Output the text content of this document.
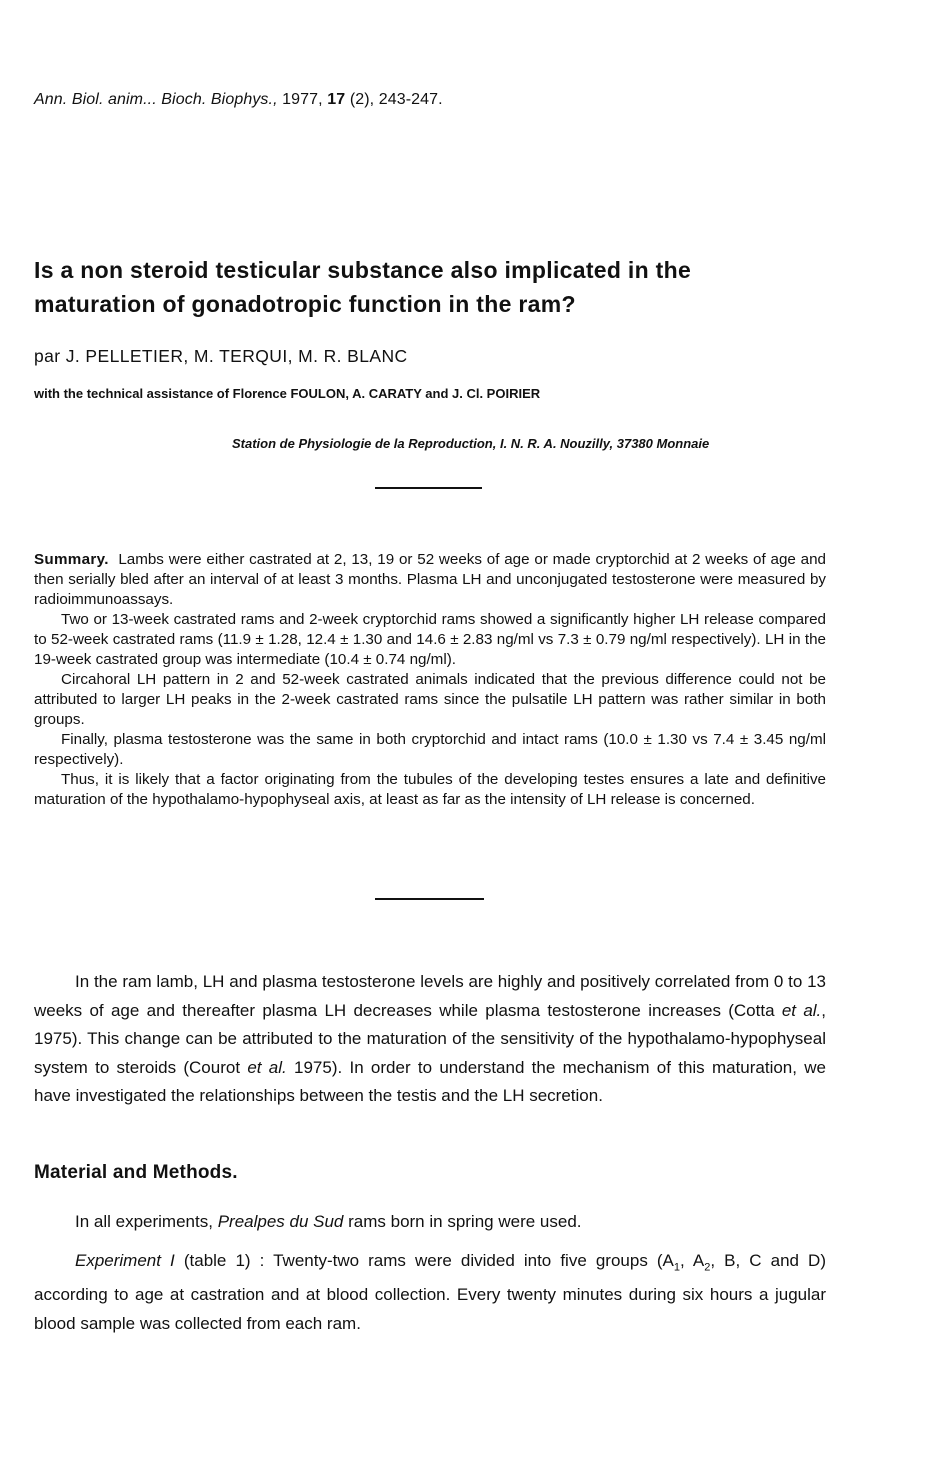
Ann. Biol. anim... Bioch. Biophys., 1977, 17 (2), 243-247.
Is a non steroid testicular substance also implicated in the maturation of gonadotropic function in the ram?
par J. PELLETIER, M. TERQUI, M. R. BLANC
with the technical assistance of Florence FOULON, A. CARATY and J. Cl. POIRIER
Station de Physiologie de la Reproduction, I. N. R. A. Nouzilly, 37380 Monnaie

Summary. Lambs were either castrated at 2, 13, 19 or 52 weeks of age or made cryptorchid at 2 weeks of age and then serially bled after an interval of at least 3 months. Plasma LH and unconjugated testosterone were measured by radioimmunoassays.

Two or 13-week castrated rams and 2-week cryptorchid rams showed a significantly higher LH release compared to 52-week castrated rams (11.9 ± 1.28, 12.4 ± 1.30 and 14.6 ± 2.83 ng/ml vs 7.3 ± 0.79 ng/ml respectively). LH in the 19-week castrated group was intermediate (10.4 ± 0.74 ng/ml).

Circahoral LH pattern in 2 and 52-week castrated animals indicated that the previous difference could not be attributed to larger LH peaks in the 2-week castrated rams since the pulsatile LH pattern was rather similar in both groups.

Finally, plasma testosterone was the same in both cryptorchid and intact rams (10.0 ± 1.30 vs 7.4 ± 3.45 ng/ml respectively).

Thus, it is likely that a factor originating from the tubules of the developing testes ensures a late and definitive maturation of the hypothalamo-hypophyseal axis, at least as far as the intensity of LH release is concerned.

In the ram lamb, LH and plasma testosterone levels are highly and positively correlated from 0 to 13 weeks of age and thereafter plasma LH decreases while plasma testosterone increases (Cotta et al., 1975). This change can be attributed to the maturation of the sensitivity of the hypothalamo-hypophyseal system to steroids (Courot et al. 1975). In order to understand the mechanism of this maturation, we have investigated the relationships between the testis and the LH secretion.

Material and Methods.

In all experiments, Prealpes du Sud rams born in spring were used.

Experiment I (table 1) : Twenty-two rams were divided into five groups ($A_1$, $A_2$, B, C and D) according to age at castration and at blood collection. Every twenty minutes during six hours a jugular blood sample was collected from each ram.
